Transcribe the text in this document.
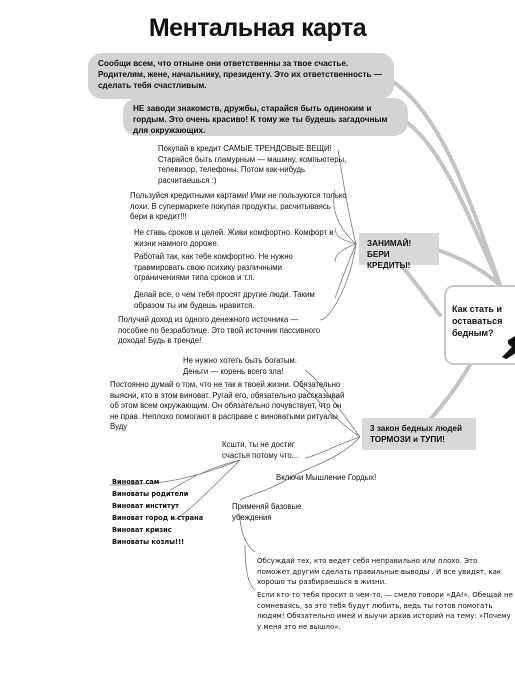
Ментальная карта
Сообщи всем, что отныне они ответственны за твое счастье. Родителям, жене, начальнику, президенту. Это их ответственность — сделать тебя счастливым.
НЕ заводи знакомств, дружбы, старайся быть одиноким и гордым. Это очень красиво! К тому же ты будешь загадочным для окружающих.
ЗАНИМАЙ! БЕРИ КРЕДИТЫ!
3 закон бедных людей ТОРМОЗИ и ТУПИ!
Как стать и оставаться бедным?
Покупай в кредит САМЫЕ ТРЕНДОВЫЕ ВЕЩИ! Старайся быть гламурным — машину, компьютеры, телевизор, телефоны. Потом как-нибудь расчитаешься :)
Пользуйся кредитными картами! Ими не пользуются только лохи. В супермаркете покупая продукты, расчитываясь бери в кредит!!!
Не ставь сроков и целей. Живи комфортно. Комфорт в жизни намного дороже.
Работай так, как тебе комфортно. Не нужно травмировать свою психику различными ограничениями типа сроков и т.п.
Делай все, о чем тебя просят другие люди. Таким образом ты им будешь нравится.
Получай доход из одного денежного источника — пособие по безработице. Это твой источник пассивного дохода! Будь в тренде!
Не нужно хотеть быть богатым. Деньги — корень всего зла!
Постоянно думай о том, что не так в твоей жизни. Обязательно выясни, кто в этом виноват. Ругай его, обязательно рассказывай об этом всем окружающим. Он обязательно почувствует, что он не прав. Неплохо помогают в расправе с виноватыми ритуалы Вуду
Ксшти, ты не достиг счастья потому что...
Включи Мышление Гордых!
Применяй базовые убеждения
Обсуждай тех, кто ведет себя неправильно или плохо. Это поможет другим сделать правильные выводы . И все увидят, как хорошо ты разбираешься в жизни.
Если кто-то тебя просит о чем-то, — смело говори «ДА!». Обещай не сомневаясь, за это тебя будут любить, ведь ты готов помогать людям! Обязательно имей и выучи архив историй на тему: «Почему у меня это не вышло».
Виноват сам
Виноваты родители
Виноват институт
Виноват город и страна
Виноват кризис
Виноваты козлы!!!
